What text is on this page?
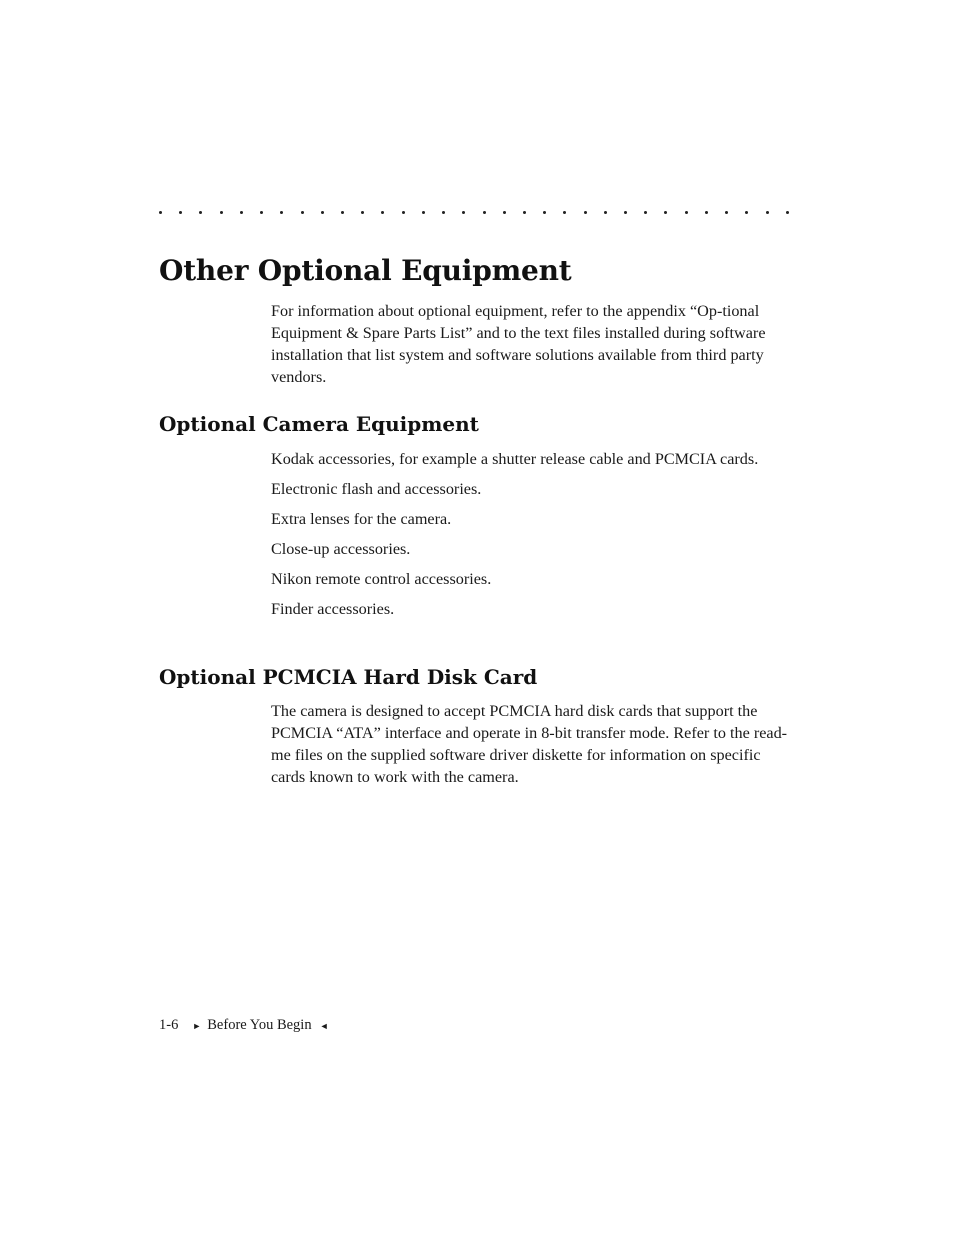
Other Optional Equipment

For information about optional equipment, refer to the appendix “Op-tional Equipment & Spare Parts List” and to the text files installed during software installation that list system and software solutions available from third party vendors.

Optional Camera Equipment
Kodak accessories, for example a shutter release cable and PCMCIA cards.
Electronic flash and accessories.
Extra lenses for the camera.
Close-up accessories.
Nikon remote control accessories.
Finder accessories.
Optional PCMCIA Hard Disk Card

The camera is designed to accept PCMCIA hard disk cards that support the PCMCIA “ATA” interface and operate in 8-bit transfer mode. Refer to the read-me files on the supplied software driver diskette for information on specific cards known to work with the camera.

1-6 ► Before You Begin ◄
